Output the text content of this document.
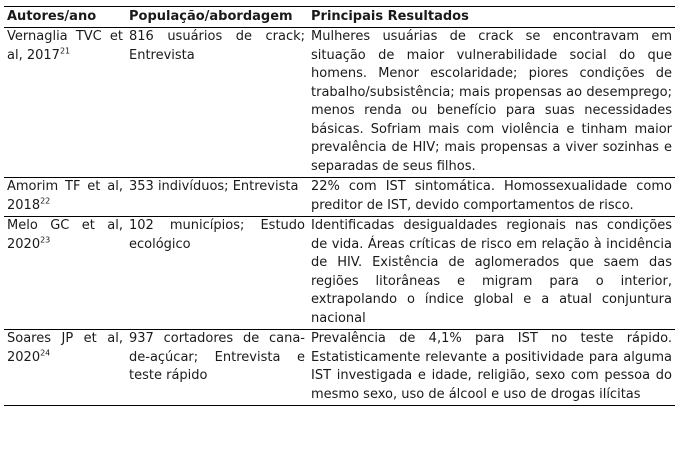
Autores/ano	População/abordagem	Principais Resultados
Vernaglia TVC et al, 2017$^{21}$	816 usuários de crack; Entrevista	Mulheres usuárias de crack se encontravam em situação de maior vulnerabilidade social do que homens. Menor escolaridade; piores condições de trabalho/subsistência; mais propensas ao desemprego; menos renda ou benefício para suas necessidades básicas. Sofriam mais com violência e tinham maior prevalência de HIV; mais propensas a viver sozinhas e separadas de seus filhos.
Amorim TF et al, 2018$^{22}$	353 indivíduos; Entrevista	22% com IST sintomática. Homossexualidade como preditor de IST, devido comportamentos de risco.
Melo GC et al, 2020$^{23}$	102 municípios; Estudo ecológico	Identificadas desigualdades regionais nas condições de vida. Áreas críticas de risco em relação à incidência de HIV. Existência de aglomerados que saem das regiões litorâneas e migram para o interior, extrapolando o índice global e a atual conjuntura nacional
Soares JP et al, 2020$^{24}$	937 cortadores de cana-de-açúcar; Entrevista e teste rápido	Prevalência de 4,1% para IST no teste rápido. Estatisticamente relevante a positividade para alguma IST investigada e idade, religião, sexo com pessoa do mesmo sexo, uso de álcool e uso de drogas ilícitas
